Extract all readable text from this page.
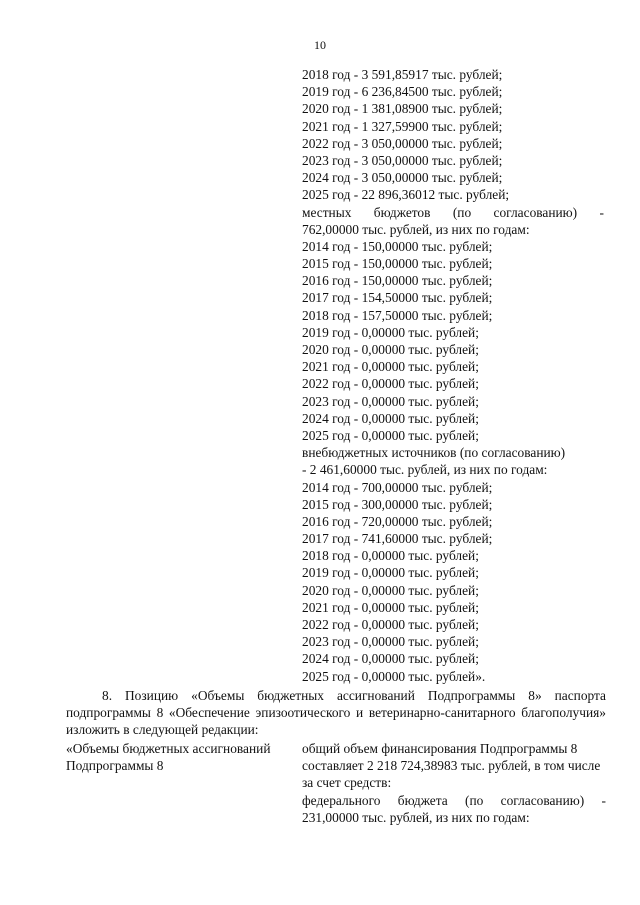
10
2018 год - 3 591,85917 тыс. рублей;
2019 год - 6 236,84500 тыс. рублей;
2020 год - 1 381,08900 тыс. рублей;
2021 год - 1 327,59900 тыс. рублей;
2022 год - 3 050,00000 тыс. рублей;
2023 год - 3 050,00000 тыс. рублей;
2024 год - 3 050,00000 тыс. рублей;
2025 год - 22 896,36012 тыс. рублей;
местных бюджетов (по согласованию) -
762,00000 тыс. рублей, из них по годам:
2014 год - 150,00000 тыс. рублей;
2015 год - 150,00000 тыс. рублей;
2016 год - 150,00000 тыс. рублей;
2017 год - 154,50000 тыс. рублей;
2018 год - 157,50000 тыс. рублей;
2019 год - 0,00000 тыс. рублей;
2020 год - 0,00000 тыс. рублей;
2021 год - 0,00000 тыс. рублей;
2022 год - 0,00000 тыс. рублей;
2023 год - 0,00000 тыс. рублей;
2024 год - 0,00000 тыс. рублей;
2025 год - 0,00000 тыс. рублей;
внебюджетных источников (по согласованию)
- 2 461,60000 тыс. рублей, из них по годам:
2014 год - 700,00000 тыс. рублей;
2015 год - 300,00000 тыс. рублей;
2016 год - 720,00000 тыс. рублей;
2017 год - 741,60000 тыс. рублей;
2018 год - 0,00000 тыс. рублей;
2019 год - 0,00000 тыс. рублей;
2020 год - 0,00000 тыс. рублей;
2021 год - 0,00000 тыс. рублей;
2022 год - 0,00000 тыс. рублей;
2023 год - 0,00000 тыс. рублей;
2024 год - 0,00000 тыс. рублей;
2025 год - 0,00000 тыс. рублей».
8. Позицию «Объемы бюджетных ассигнований Подпрограммы 8» паспорта подпрограммы 8 «Обеспечение эпизоотического и ветеринарно-санитарного благополучия» изложить в следующей редакции:
«Объемы бюджетных ассигнований Подпрограммы 8
общий объем финансирования Подпрограммы 8 составляет 2 218 724,38983 тыс. рублей, в том числе за счет средств:
федерального бюджета (по согласованию) - 231,00000 тыс. рублей, из них по годам:
